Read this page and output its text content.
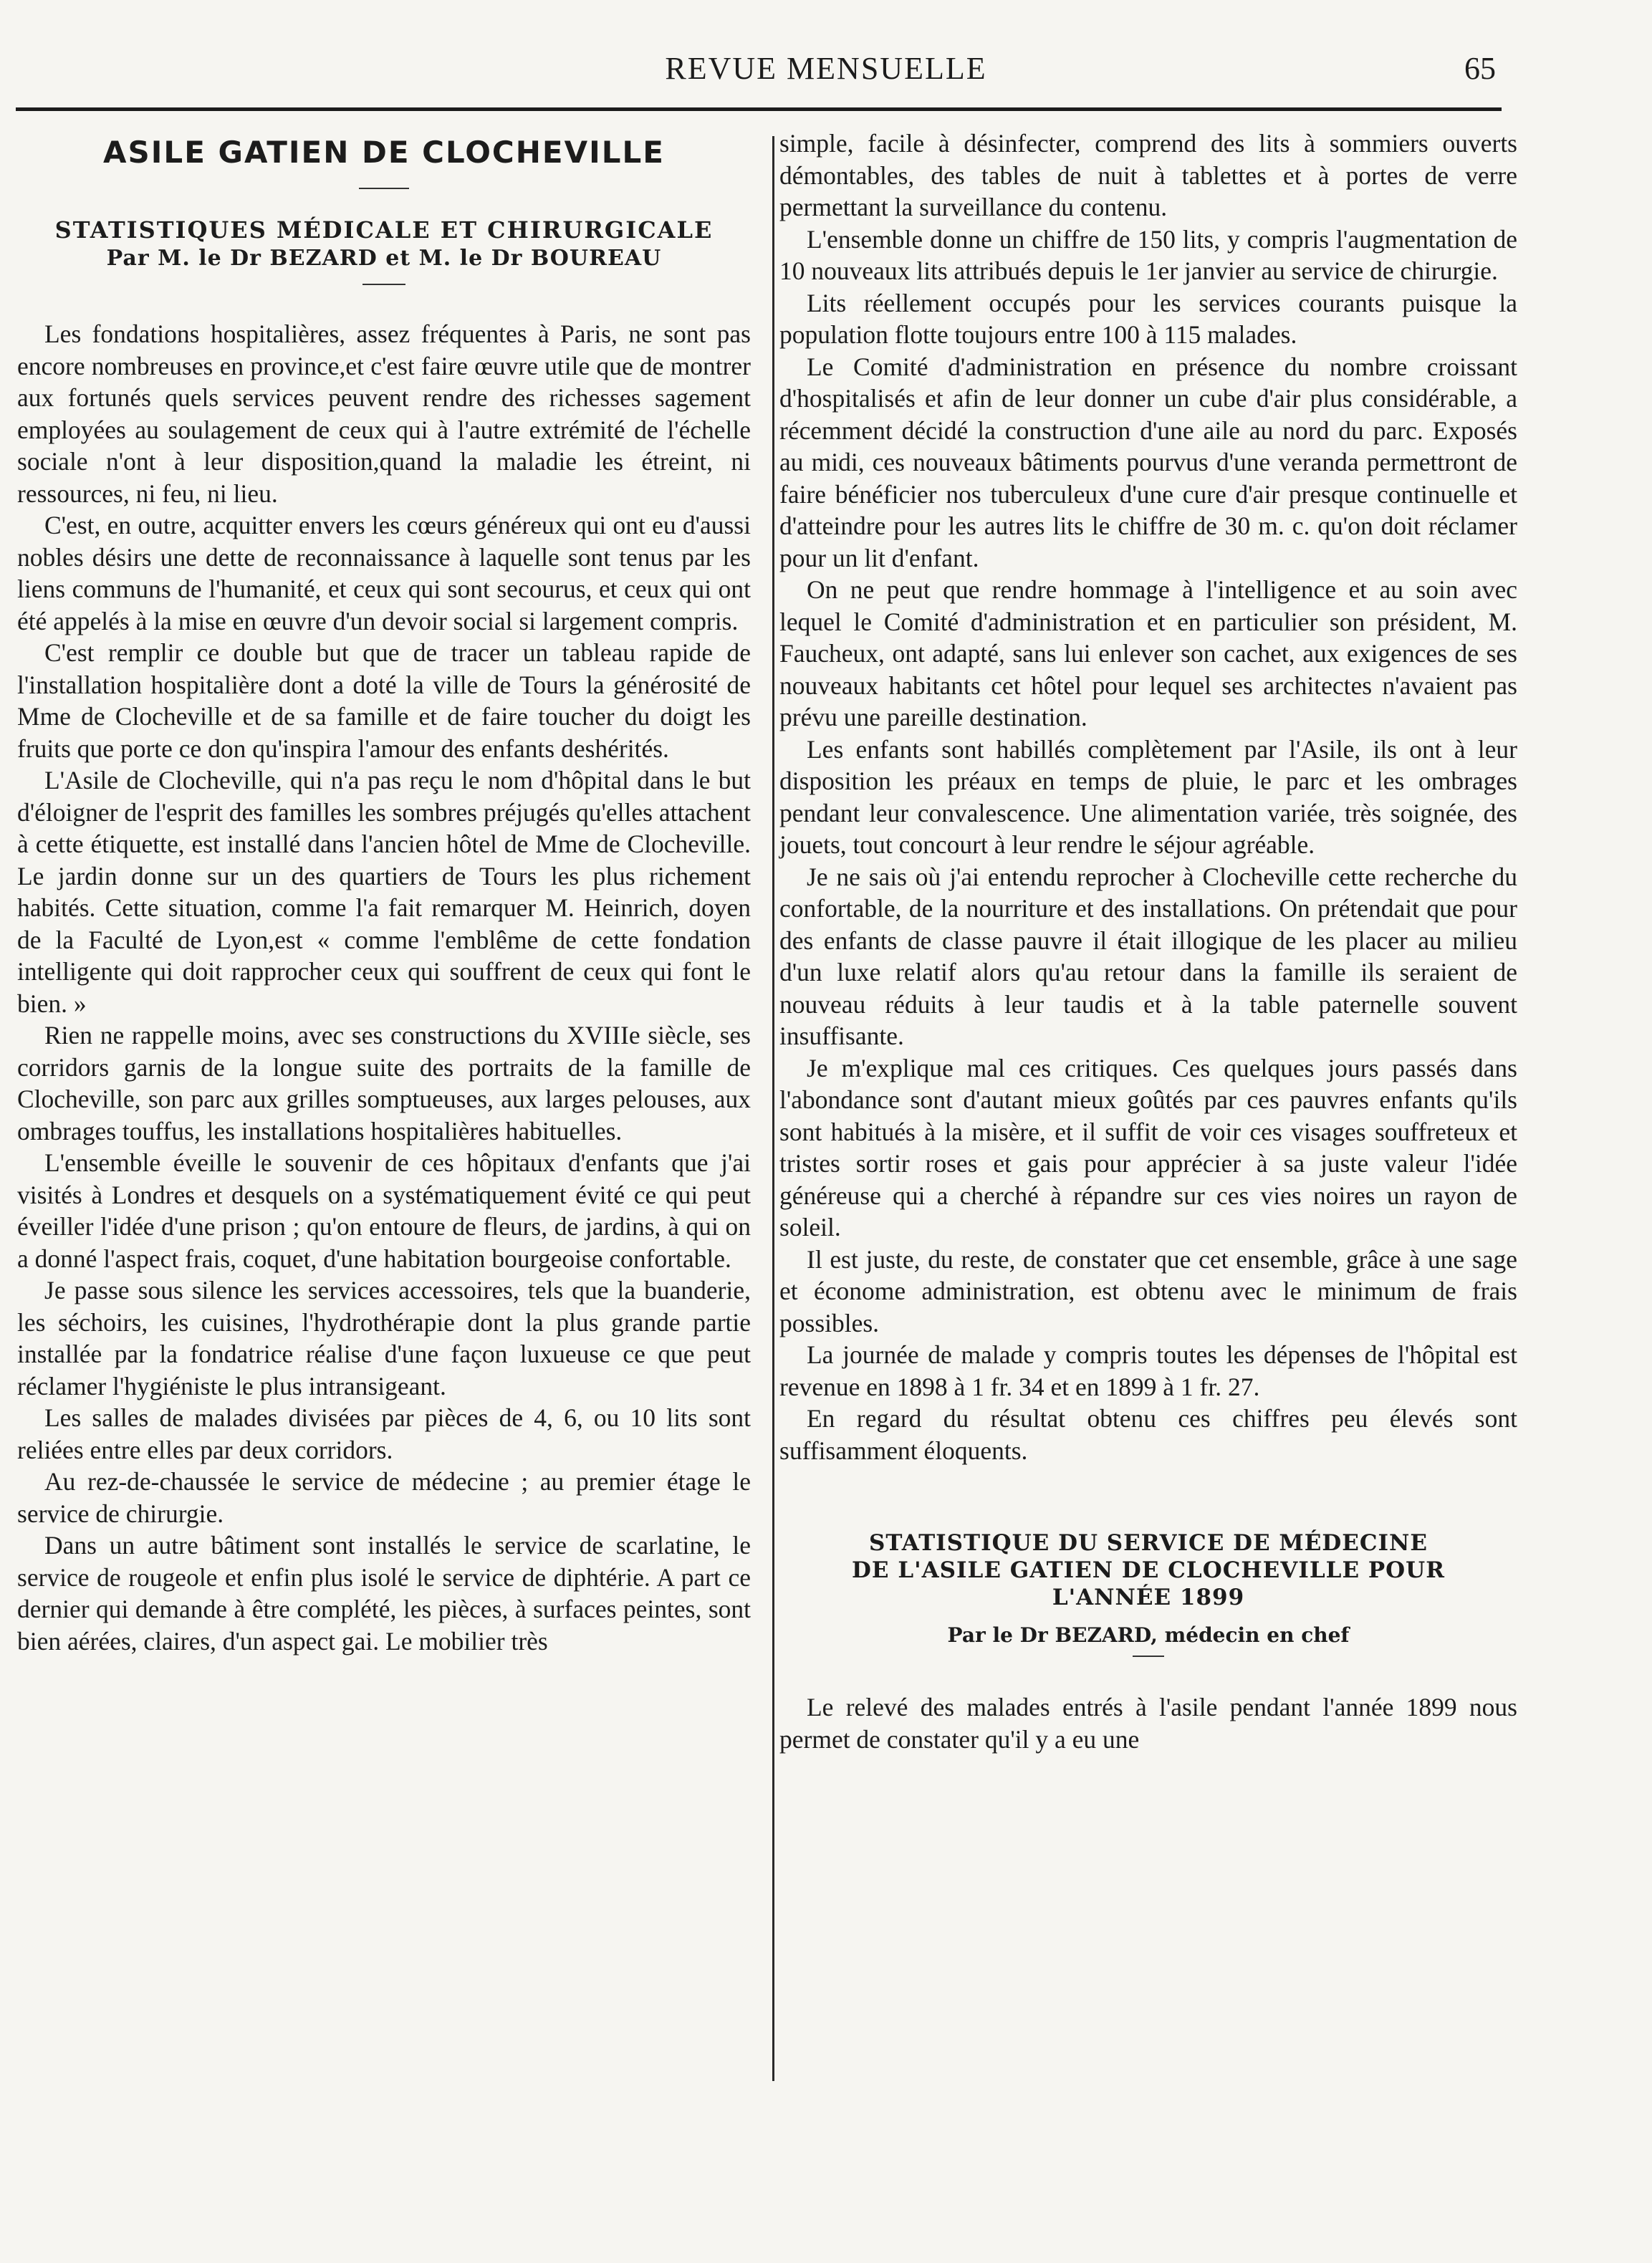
REVUE MENSUELLE	65
ASILE GATIEN DE CLOCHEVILLE
STATISTIQUES MÉDICALE ET CHIRURGICALE
Par M. le Dr BEZARD et M. le Dr BOUREAU

Les fondations hospitalières, assez fréquentes à Paris, ne sont pas encore nombreuses en province,et c'est faire œuvre utile que de montrer aux fortunés quels services peuvent rendre des richesses sagement employées au soulagement de ceux qui à l'autre extrémité de l'échelle sociale n'ont à leur disposition,quand la maladie les étreint, ni ressources, ni feu, ni lieu.

C'est, en outre, acquitter envers les cœurs généreux qui ont eu d'aussi nobles désirs une dette de reconnaissance à laquelle sont tenus par les liens communs de l'humanité, et ceux qui sont secourus, et ceux qui ont été appelés à la mise en œuvre d'un devoir social si largement compris.

C'est remplir ce double but que de tracer un tableau rapide de l'installation hospitalière dont a doté la ville de Tours la générosité de Mme de Clocheville et de sa famille et de faire toucher du doigt les fruits que porte ce don qu'inspira l'amour des enfants deshérités.

L'Asile de Clocheville, qui n'a pas reçu le nom d'hôpital dans le but d'éloigner de l'esprit des familles les sombres préjugés qu'elles attachent à cette étiquette, est installé dans l'ancien hôtel de Mme de Clocheville. Le jardin donne sur un des quartiers de Tours les plus richement habités. Cette situation, comme l'a fait remarquer M. Heinrich, doyen de la Faculté de Lyon,est « comme l'emblême de cette fondation intelligente qui doit rapprocher ceux qui souffrent de ceux qui font le bien. »

Rien ne rappelle moins, avec ses constructions du XVIIIe siècle, ses corridors garnis de la longue suite des portraits de la famille de Clocheville, son parc aux grilles somptueuses, aux larges pelouses, aux ombrages touffus, les installations hospitalières habituelles.

L'ensemble éveille le souvenir de ces hôpitaux d'enfants que j'ai visités à Londres et desquels on a systématiquement évité ce qui peut éveiller l'idée d'une prison ; qu'on entoure de fleurs, de jardins, à qui on a donné l'aspect frais, coquet, d'une habitation bourgeoise confortable.

Je passe sous silence les services accessoires, tels que la buanderie, les séchoirs, les cuisines, l'hydrothérapie dont la plus grande partie installée par la fondatrice réalise d'une façon luxueuse ce que peut réclamer l'hygiéniste le plus intransigeant.

Les salles de malades divisées par pièces de 4, 6, ou 10 lits sont reliées entre elles par deux corridors.

Au rez-de-chaussée le service de médecine ; au premier étage le service de chirurgie.

Dans un autre bâtiment sont installés le service de scarlatine, le service de rougeole et enfin plus isolé le service de diphtérie. A part ce dernier qui demande à être complété, les pièces, à surfaces peintes, sont bien aérées, claires, d'un aspect gai. Le mobilier très

simple, facile à désinfecter, comprend des lits à sommiers ouverts démontables, des tables de nuit à tablettes et à portes de verre permettant la surveillance du contenu.

L'ensemble donne un chiffre de 150 lits, y compris l'augmentation de 10 nouveaux lits attribués depuis le 1er janvier au service de chirurgie.

Lits réellement occupés pour les services courants puisque la population flotte toujours entre 100 à 115 malades.

Le Comité d'administration en présence du nombre croissant d'hospitalisés et afin de leur donner un cube d'air plus considérable, a récemment décidé la construction d'une aile au nord du parc. Exposés au midi, ces nouveaux bâtiments pourvus d'une veranda permettront de faire bénéficier nos tuberculeux d'une cure d'air presque continuelle et d'atteindre pour les autres lits le chiffre de 30 m. c. qu'on doit réclamer pour un lit d'enfant.

On ne peut que rendre hommage à l'intelligence et au soin avec lequel le Comité d'administration et en particulier son président, M. Faucheux, ont adapté, sans lui enlever son cachet, aux exigences de ses nouveaux habitants cet hôtel pour lequel ses architectes n'avaient pas prévu une pareille destination.

Les enfants sont habillés complètement par l'Asile, ils ont à leur disposition les préaux en temps de pluie, le parc et les ombrages pendant leur convalescence. Une alimentation variée, très soignée, des jouets, tout concourt à leur rendre le séjour agréable.

Je ne sais où j'ai entendu reprocher à Clocheville cette recherche du confortable, de la nourriture et des installations. On prétendait que pour des enfants de classe pauvre il était illogique de les placer au milieu d'un luxe relatif alors qu'au retour dans la famille ils seraient de nouveau réduits à leur taudis et à la table paternelle souvent insuffisante.

Je m'explique mal ces critiques. Ces quelques jours passés dans l'abondance sont d'autant mieux goûtés par ces pauvres enfants qu'ils sont habitués à la misère, et il suffit de voir ces visages souffreteux et tristes sortir roses et gais pour apprécier à sa juste valeur l'idée généreuse qui a cherché à répandre sur ces vies noires un rayon de soleil.

Il est juste, du reste, de constater que cet ensemble, grâce à une sage et économe administration, est obtenu avec le minimum de frais possibles.

La journée de malade y compris toutes les dépenses de l'hôpital est revenue en 1898 à 1 fr. 34 et en 1899 à 1 fr. 27.

En regard du résultat obtenu ces chiffres peu élevés sont suffisamment éloquents.

STATISTIQUE DU SERVICE DE MÉDECINE
DE L'ASILE GATIEN DE CLOCHEVILLE POUR
L'ANNÉE 1899
Par le Dr BEZARD, médecin en chef

Le relevé des malades entrés à l'asile pendant l'année 1899 nous permet de constater qu'il y a eu une
